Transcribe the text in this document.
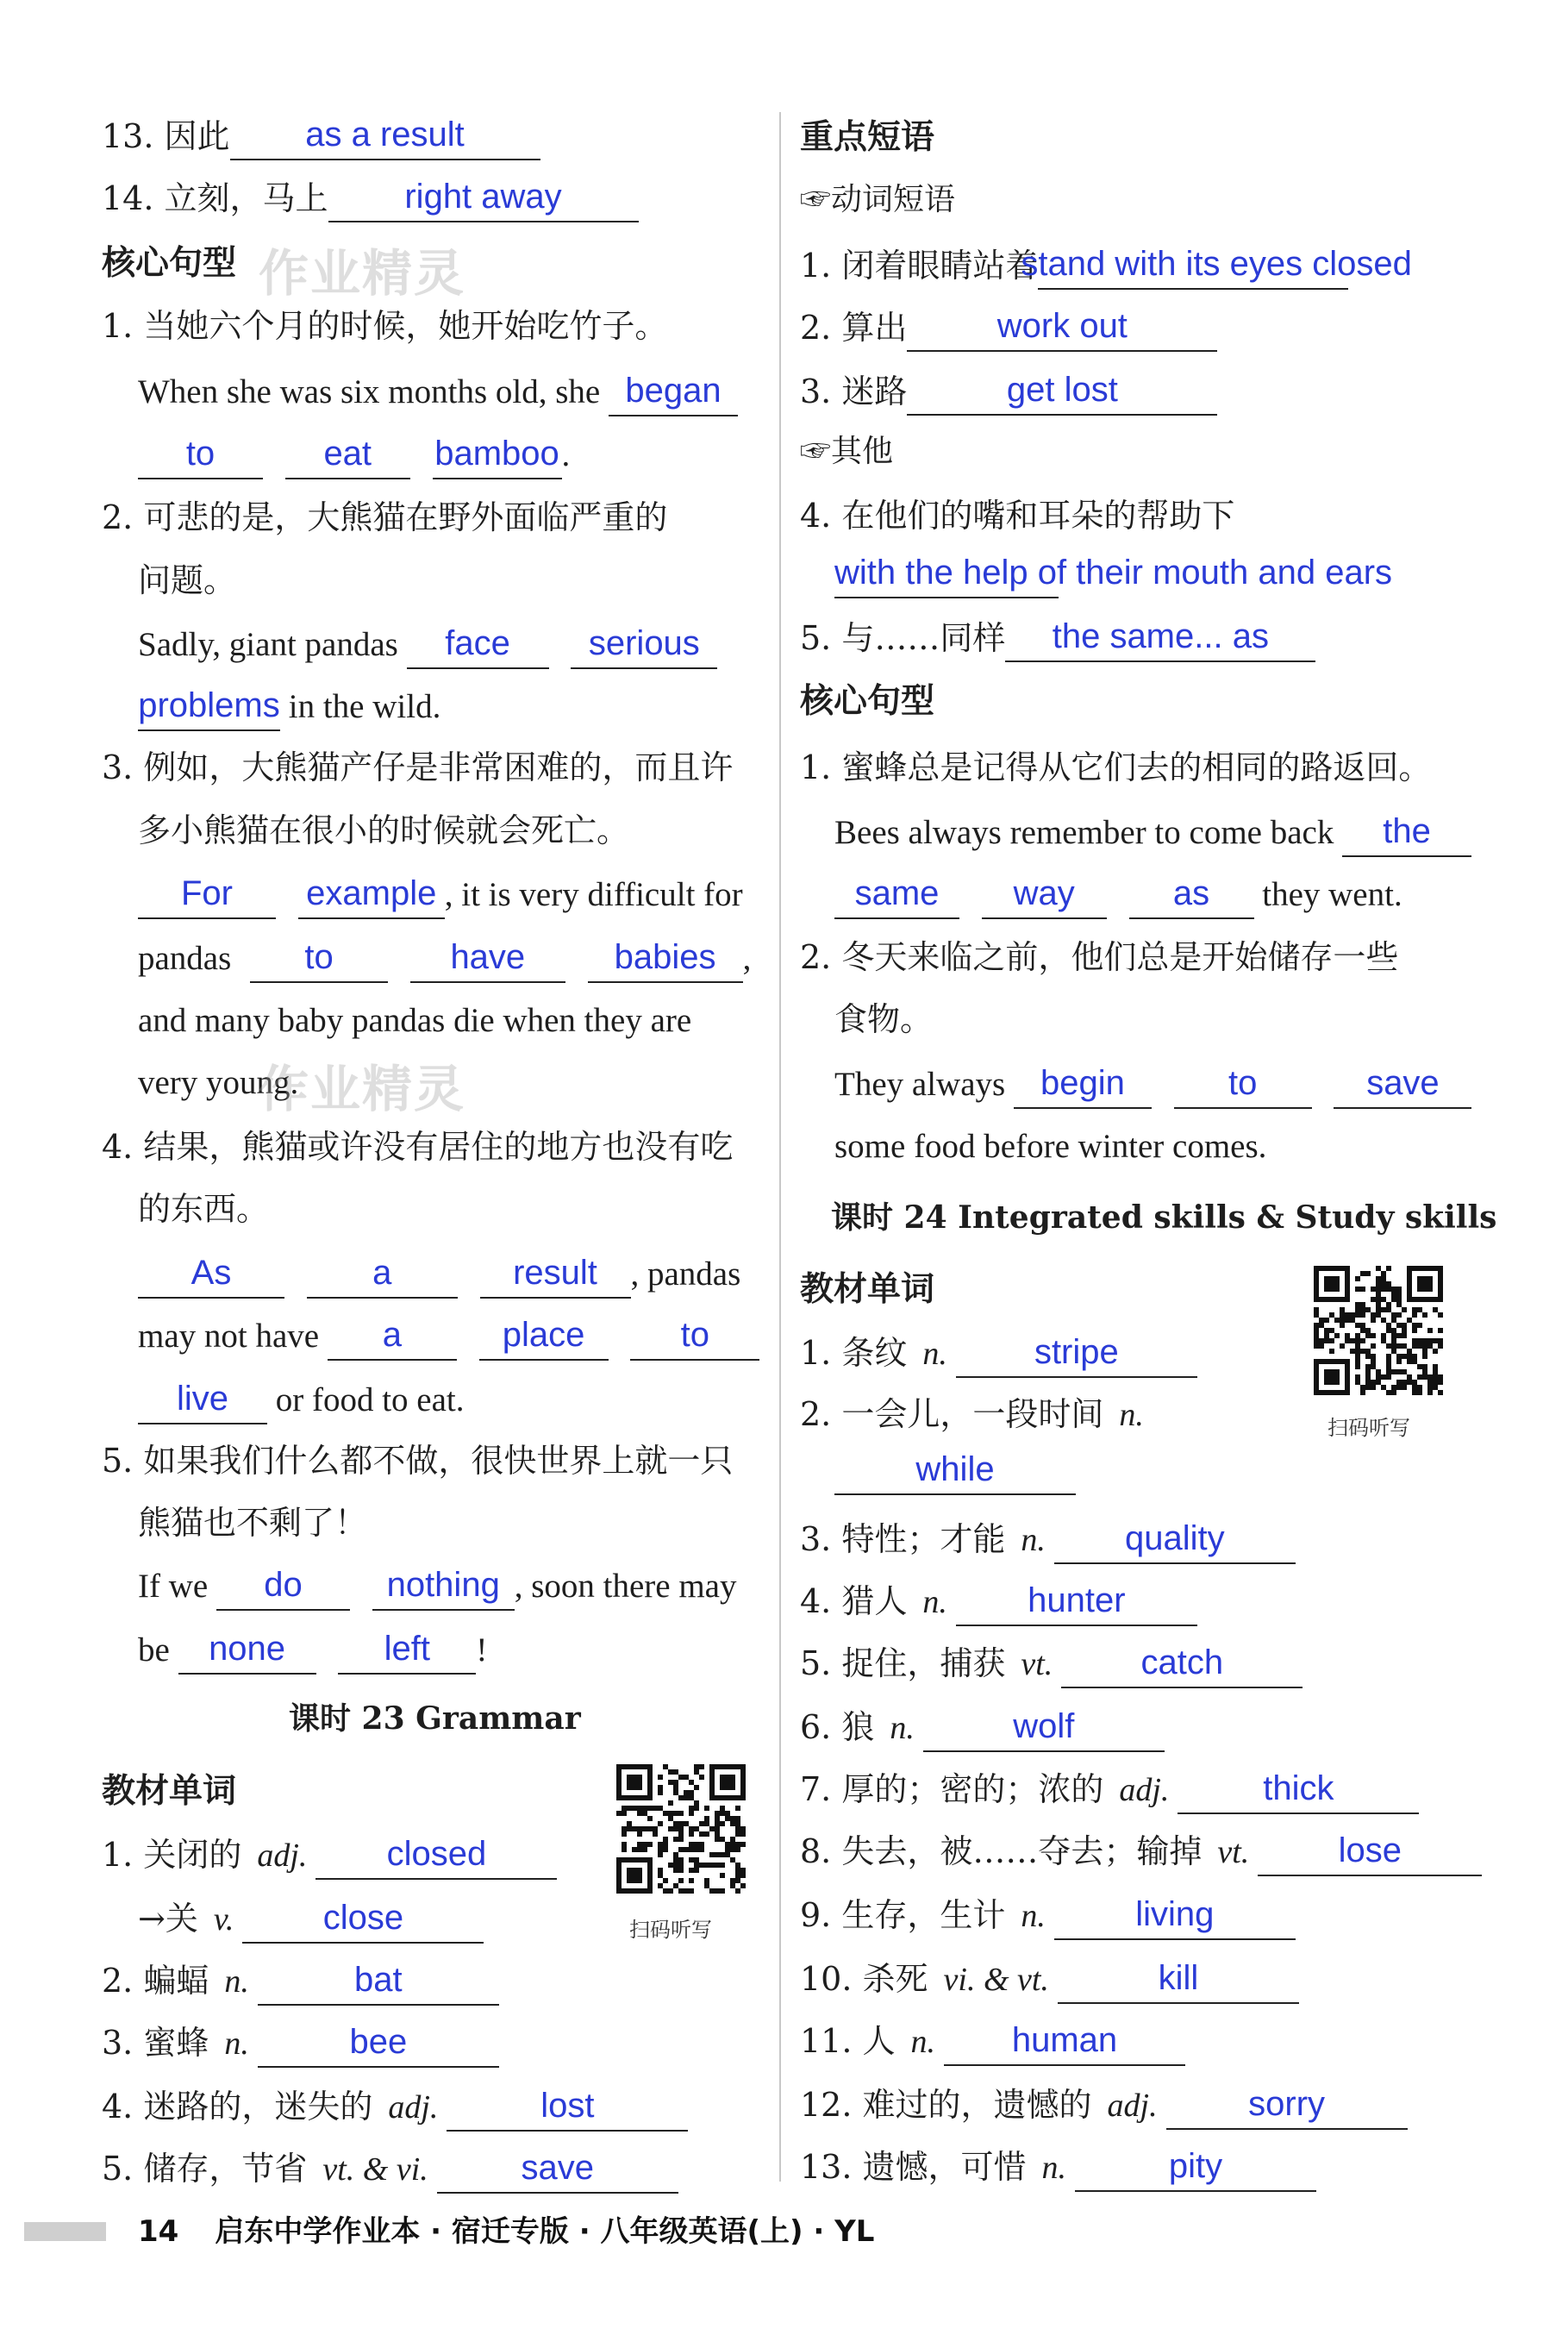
13. 因此	as a result
14. 立刻，马上	right away
核心句型 作业精灵
1. 当她六个月的时候，她开始吃竹子。
When she was six months old, she began
to
	eat
	bamboo .
2. 可悲的是，大熊猫在野外面临严重的
问题。
Sadly, giant pandas	face
	serious
problems in the wild.
3. 例如，大熊猫产仔是非常困难的，而且许
多小熊猫在很小的时候就会死亡。
For
	example , it is very difficult for
pandas	to
	have
	babies ,
and many baby pandas die when they are
very young.
作业精灵
4. 结果，熊猫或许没有居住的地方也没有吃
的东西。
As
	a
	result , pandas
may not have	a
	place
	to
live	or food to eat.
5. 如果我们什么都不做，很快世界上就一只
熊猫也不剩了！
If we	do
	nothing , soon there may
be	none
	left	!
课时 23 Grammar
教材单词
扫码听写
1. 关闭的 adj.	closed
→关 v.	close
2. 蝙蝠 n.	bat
3. 蜜蜂 n.	bee
4. 迷路的，迷失的 adj.	lost
5. 储存，节省 vt. & vi.	save
重点短语
☞动词短语
1. 闭着眼睛站着
stand with its eyes closed
2. 算出	work out
3. 迷路	get lost
☞其他
4. 在他们的嘴和耳朵的帮助下
with the help of their mouth and ears
5. 与……同样	the same... as
核心句型
1. 蜜蜂总是记得从它们去的相同的路返回。
Bees always remember to come back	the
same
	way
	as	they went.
2. 冬天来临之前，他们总是开始储存一些
食物。
They always	begin
	to
	save
some food before winter comes.
课时 24 Integrated skills & Study skills
教材单词
扫码听写
1. 条纹 n.	stripe
2. 一会儿，一段时间 n.
while
3. 特性；才能 n.	quality
4. 猎人 n.	hunter
5. 捉住，捕获 vt.	catch
6. 狼 n.	wolf
7. 厚的；密的；浓的 adj.	thick
8. 失去，被……夺去；输掉 vt.	lose
9. 生存，生计 n.	living
10. 杀死 vi. & vt.	kill
11. 人 n.	human
12. 难过的，遗憾的 adj.	sorry
13. 遗憾，可惜 n.	pity
14 启东中学作业本 · 宿迁专版 · 八年级英语(上) · YL
